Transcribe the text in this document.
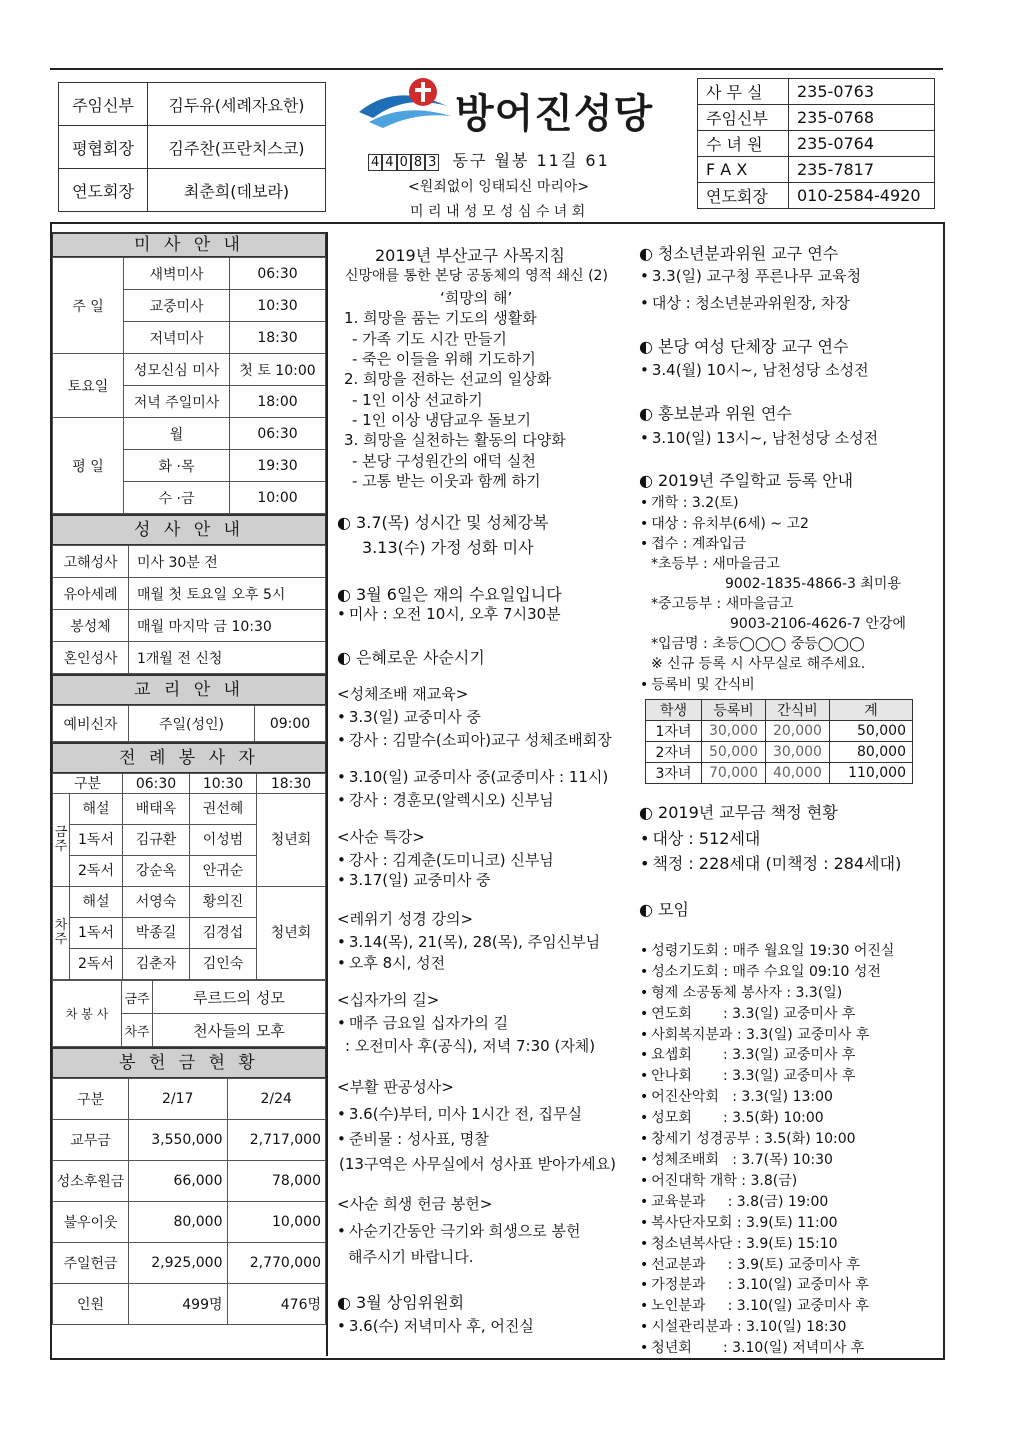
주임신부	김두유(세례자요한)
평협회장	김주찬(프란치스코)
연도회장	최춘희(데보라)
방어진성당
4 4 0 8 3 동구 월봉 11길 61
<원죄없이 잉태되신 마리아>
미 리 내 성 모 성 심 수 녀 회
사 무 실	235-0763
주임신부	235-0768
수 녀 원	235-0764
F A X	235-7817
연도회장	010-2584-4920
미 사 안 내
주 일	새벽미사	06:30
	교중미사	10:30
	저녁미사	18:30
토요일	성모신심 미사	첫 토 10:00
	저녁 주일미사	18:00
평 일	월	06:30
	화 ·목	19:30
	수 ·금	10:00
성 사 안 내
고해성사	미사 30분 전
유아세례	매월 첫 토요일 오후 5시
봉성체	매월 마지막 금 10:30
혼인성사	1개월 전 신청
교 리 안 내
예비신자	주일(성인)	09:00
전 례 봉 사 자
구분		06:30	10:30	18:30
금주	해설	배태옥	권선혜	청년회
	1독서	김규환	이성범	
	2독서	강순옥	안귀순	
차주	해설	서영숙	황의진	청년회
	1독서	박종길	김경섭	
	2독서	김춘자	김인숙	
차 봉 사	금주	루르드의 성모
	차주	천사들의 모후
봉 헌 금 현 황
구분	2/17	2/24
교무금	3,550,000	2,717,000
성소후원금	66,000	78,000
불우이웃	80,000	10,000
주일헌금	2,925,000	2,770,000
인원	499명	476명
2019년 부산교구 사목지침
신망애를 통한 본당 공동체의 영적 쇄신 (2)
‘희망의 해’
1. 희망을 품는 기도의 생활화
- 가족 기도 시간 만들기
- 죽은 이들을 위해 기도하기
2. 희망을 전하는 선교의 일상화
- 1인 이상 선교하기
- 1인 이상 냉담교우 돌보기
3. 희망을 실천하는 활동의 다양화
- 본당 구성원간의 애덕 실천
- 고통 받는 이웃과 함께 하기
◐ 3.7(목) 성시간 및 성체강복
3.13(수) 가정 성화 미사
◐ 3월 6일은 재의 수요일입니다
• 미사 : 오전 10시, 오후 7시30분
◐ 은혜로운 사순시기
<성체조배 재교육>
• 3.3(일) 교중미사 중
• 강사 : 김말수(소피아)교구 성체조배회장
• 3.10(일) 교중미사 중(교중미사 : 11시)
• 강사 : 경훈모(알렉시오) 신부님
<사순 특강>
• 강사 : 김계춘(도미니코) 신부님
• 3.17(일) 교중미사 중
<레위기 성경 강의>
• 3.14(목), 21(목), 28(목), 주임신부님
• 오후 8시, 성전
<십자가의 길>
• 매주 금요일 십자가의 길
: 오전미사 후(공식), 저녁 7:30 (자체)
<부활 판공성사>
• 3.6(수)부터, 미사 1시간 전, 집무실
• 준비물 : 성사표, 명찰
(13구역은 사무실에서 성사표 받아가세요)
<사순 희생 헌금 봉헌>
• 사순기간동안 극기와 희생으로 봉헌
해주시기 바랍니다.
◐ 3월 상임위원회
• 3.6(수) 저녁미사 후, 어진실
◐ 청소년분과위원 교구 연수
• 3.3(일) 교구청 푸른나무 교육청
• 대상 : 청소년분과위원장, 차장
◐ 본당 여성 단체장 교구 연수
• 3.4(월) 10시~, 남천성당 소성전
◐ 홍보분과 위원 연수
• 3.10(일) 13시~, 남천성당 소성전
◐ 2019년 주일학교 등록 안내
• 개학 : 3.2(토)
• 대상 : 유치부(6세) ~ 고2
• 접수 : 계좌입금
*초등부 : 새마을금고
9002-1835-4866-3 최미용
*중고등부 : 새마을금고
9003-2106-4626-7 안강에
*입금명 : 초등◯◯◯ 중등◯◯◯
※ 신규 등록 시 사무실로 해주세요.
• 등록비 및 간식비
학생	등록비	간식비	계
1자녀	30,000	20,000	50,000
2자녀	50,000	30,000	80,000
3자녀	70,000	40,000	110,000
◐ 2019년 교무금 책정 현황
• 대상 : 512세대
• 책정 : 228세대 (미책정 : 284세대)
◐ 모임

• 성령기도회 : 매주 월요일 19:30 어진실
• 성소기도회 : 매주 수요일 09:10 성전
• 형제 소공동체 봉사자 : 3.3(일)
• 연도회       : 3.3(일) 교중미사 후
• 사회복지분과 : 3.3(일) 교중미사 후
• 요셉회       : 3.3(일) 교중미사 후
• 안나회       : 3.3(일) 교중미사 후
• 어진산악회   : 3.3(일) 13:00
• 성모회       : 3.5(화) 10:00
• 창세기 성경공부 : 3.5(화) 10:00
• 성체조배회   : 3.7(목) 10:30
• 어진대학 개학 : 3.8(금)
• 교육분과     : 3.8(금) 19:00
• 복사단자모회 : 3.9(토) 11:00
• 청소년복사단 : 3.9(토) 15:10
• 선교분과     : 3.9(토) 교중미사 후
• 가정분과     : 3.10(일) 교중미사 후
• 노인분과     : 3.10(일) 교중미사 후
• 시설관리분과 : 3.10(일) 18:30
• 청년회       : 3.10(일) 저녁미사 후
